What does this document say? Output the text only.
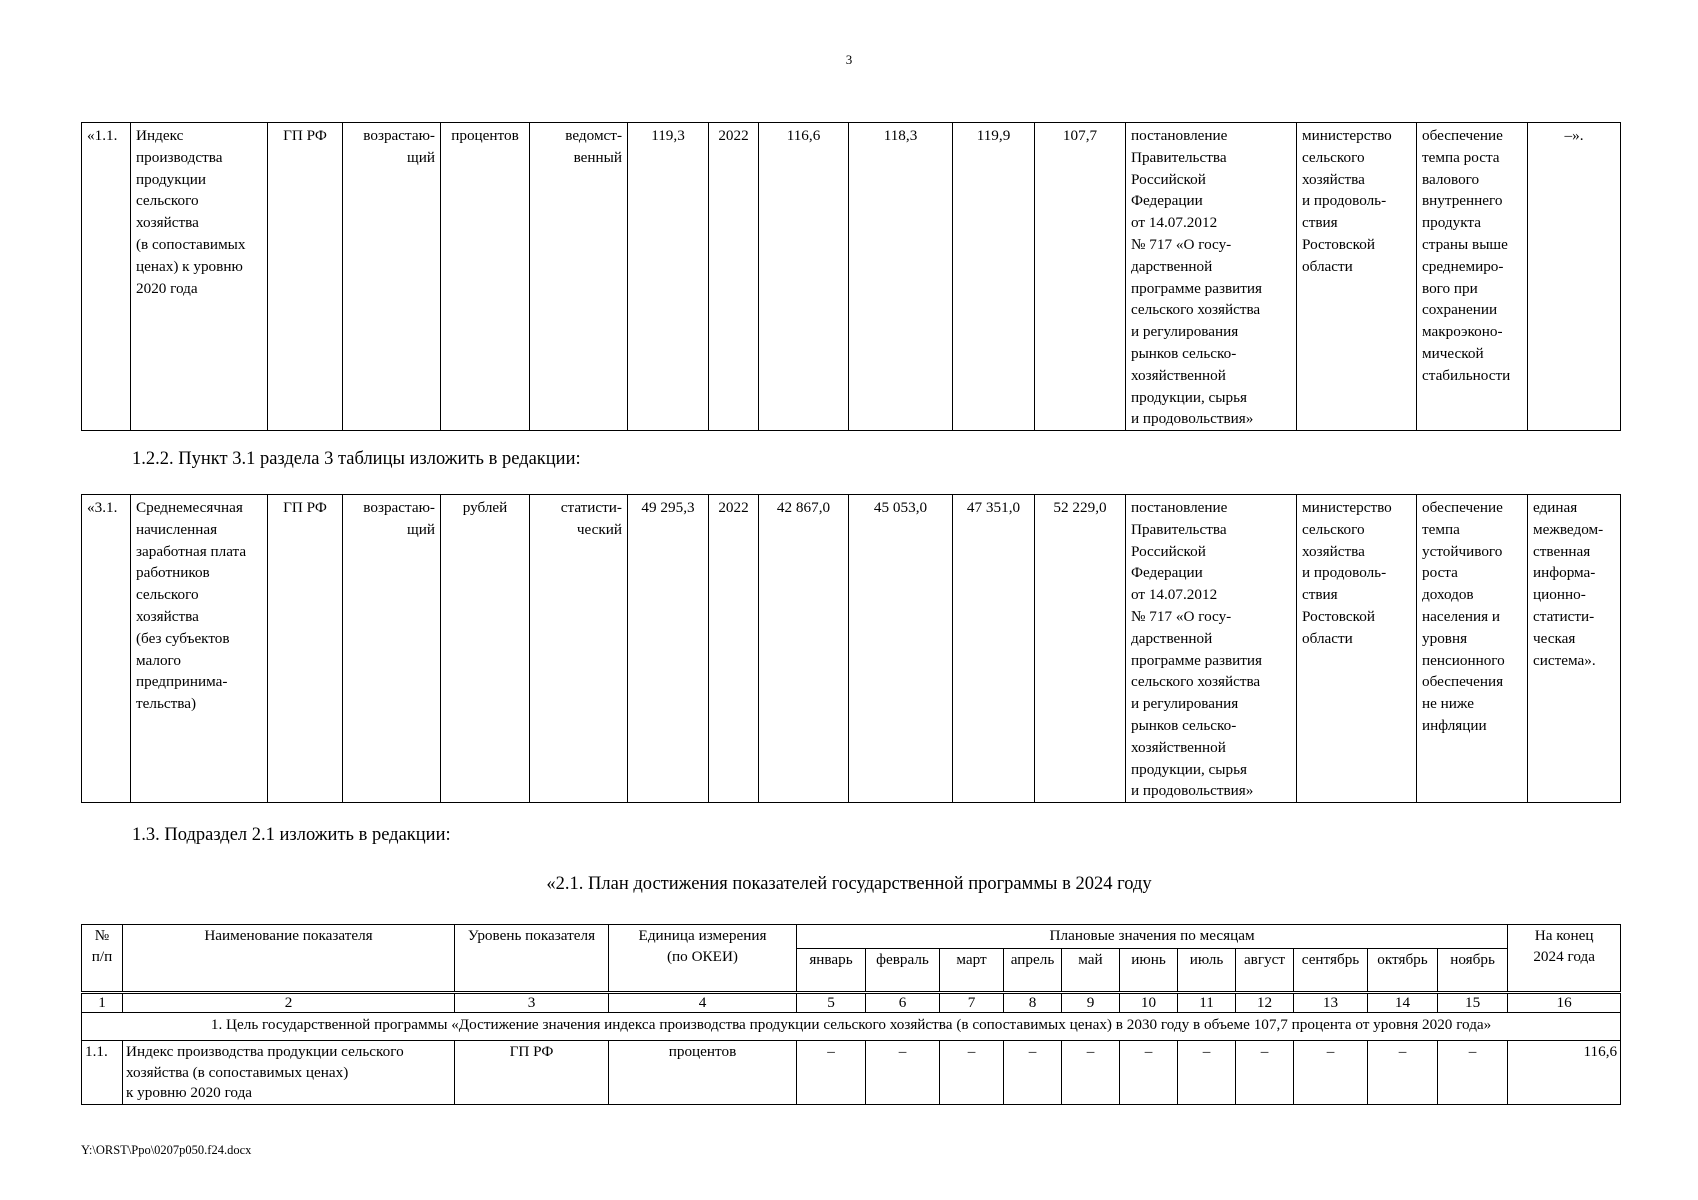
3
«1.1.	Индекс
производства
продукции
сельского
хозяйства
(в сопоставимых
ценах) к уровню
2020 года	ГП РФ	возрастаю-
щий	процентов	ведомст-
венный	119,3	2022	116,6	118,3	119,9	107,7	постановление
Правительства
Российской
Федерации
от 14.07.2012
№ 717 «О госу-
дарственной
программе развития
сельского хозяйства
и регулирования
рынков сельско-
хозяйственной
продукции, сырья
и продовольствия»	министерство
сельского
хозяйства
и продоволь-
ствия
Ростовской
области	обеспечение
темпа роста
валового
внутреннего
продукта
страны выше
среднемиро-
вого при
сохранении
макроэконо-
мической
стабильности	–».
1.2.2. Пункт 3.1 раздела 3 таблицы изложить в редакции:
«3.1.	Среднемесячная
начисленная
заработная плата
работников
сельского
хозяйства
(без субъектов
малого
предпринима-
тельства)	ГП РФ	возрастаю-
щий	рублей	статисти-
ческий	49 295,3	2022	42 867,0	45 053,0	47 351,0	52 229,0	постановление
Правительства
Российской
Федерации
от 14.07.2012
№ 717 «О госу-
дарственной
программе развития
сельского хозяйства
и регулирования
рынков сельско-
хозяйственной
продукции, сырья
и продовольствия»	министерство
сельского
хозяйства
и продоволь-
ствия
Ростовской
области	обеспечение
темпа
устойчивого
роста
доходов
населения и
уровня
пенсионного
обеспечения
не ниже
инфляции	единая
межведом-
ственная
информа-
ционно-
статисти-
ческая
система».
1.3. Подраздел 2.1 изложить в редакции:
«2.1. План достижения показателей государственной программы в 2024 году
№
п/п	Наименование показателя	Уровень показателя	Единица измерения
(по ОКЕИ)	Плановые значения по месяцам											На конец
2024 года
				январь	февраль	март	апрель	май	июнь	июль	август	сентябрь	октябрь	ноябрь	
1	2	3	4	5	6	7	8	9	10	11	12	13	14	15	16
1. Цель государственной программы «Достижение значения индекса производства продукции сельского хозяйства (в сопоставимых ценах) в 2030 году в объеме 107,7 процента от уровня 2020 года»															
1.1.	Индекс производства продукции сельского
хозяйства (в сопоставимых ценах)
к уровню 2020 года	ГП РФ	процентов	–	–	–	–	–	–	–	–	–	–	–	116,6
Y:\ORST\Ppo\0207p050.f24.docx
